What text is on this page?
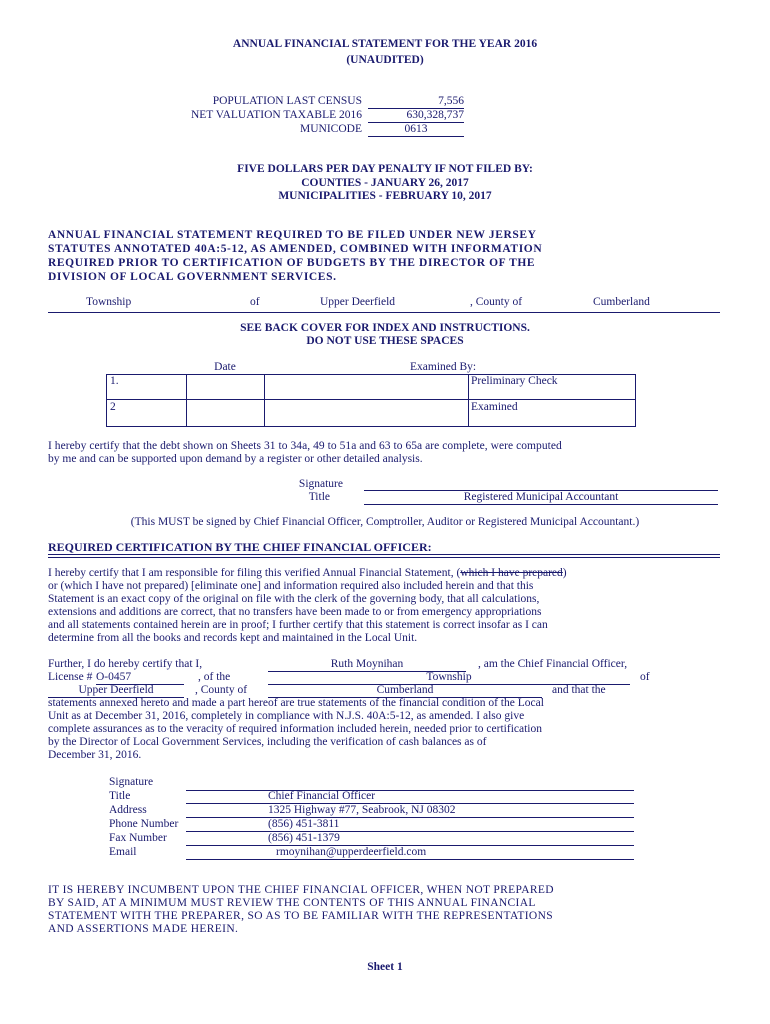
ANNUAL FINANCIAL STATEMENT FOR THE YEAR 2016
(UNAUDITED)
POPULATION LAST CENSUS	7,556
NET VALUATION TAXABLE 2016	630,328,737
MUNICODE	0613
FIVE DOLLARS PER DAY PENALTY IF NOT FILED BY:
COUNTIES - JANUARY 26, 2017
MUNICIPALITIES - FEBRUARY 10, 2017
ANNUAL FINANCIAL STATEMENT REQUIRED TO BE FILED UNDER NEW JERSEY
STATUTES ANNOTATED 40A:5-12, AS AMENDED, COMBINED WITH INFORMATION
REQUIRED PRIOR TO CERTIFICATION OF BUDGETS BY THE DIRECTOR OF THE
DIVISION OF LOCAL GOVERNMENT SERVICES.
Township	of	Upper Deerfield	, County of	Cumberland
SEE BACK COVER FOR INDEX AND INSTRUCTIONS.
DO NOT USE THESE SPACES
Date	Examined By:
1.	Preliminary Check
2	Examined
I hereby certify that the debt shown on Sheets 31 to 34a, 49 to 51a and 63 to 65a are complete, were computed
by me and can be supported upon demand by a register or other detailed analysis.
Signature
Title	Registered Municipal Accountant
(This MUST be signed by Chief Financial Officer, Comptroller, Auditor or Registered Municipal Accountant.)
REQUIRED CERTIFICATION BY THE CHIEF FINANCIAL OFFICER:
I hereby certify that I am responsible for filing this verified Annual Financial Statement, (which I have prepared)
or (which I have not prepared) [eliminate one] and information required also included herein and that this
Statement is an exact copy of the original on file with the clerk of the governing body, that all calculations,
extensions and additions are correct, that no transfers have been made to or from emergency appropriations
and all statements contained herein are in proof; I further certify that this statement is correct insofar as I can
determine from all the books and records kept and maintained in the Local Unit.
Further, I do hereby certify that I,	Ruth Moynihan	, am the Chief Financial Officer,
License # O-0457	, of the	Township	of
Upper Deerfield	, County of	Cumberland	and that the
statements annexed hereto and made a part hereof are true statements of the financial condition of the Local
Unit as at December 31, 2016, completely in compliance with N.J.S. 40A:5-12, as amended. I also give
complete assurances as to the veracity of required information included herein, needed prior to certification
by the Director of Local Government Services, including the verification of cash balances as of
December 31, 2016.
Signature
Title	Chief Financial Officer
Address	1325 Highway #77, Seabrook, NJ 08302
Phone Number	(856) 451-3811
Fax Number	(856) 451-1379
Email	rmoynihan@upperdeerfield.com
IT IS HEREBY INCUMBENT UPON THE CHIEF FINANCIAL OFFICER, WHEN NOT PREPARED
BY SAID, AT A MINIMUM MUST REVIEW THE CONTENTS OF THIS ANNUAL FINANCIAL
STATEMENT WITH THE PREPARER, SO AS TO BE FAMILIAR WITH THE REPRESENTATIONS
AND ASSERTIONS MADE HEREIN.
Sheet 1
